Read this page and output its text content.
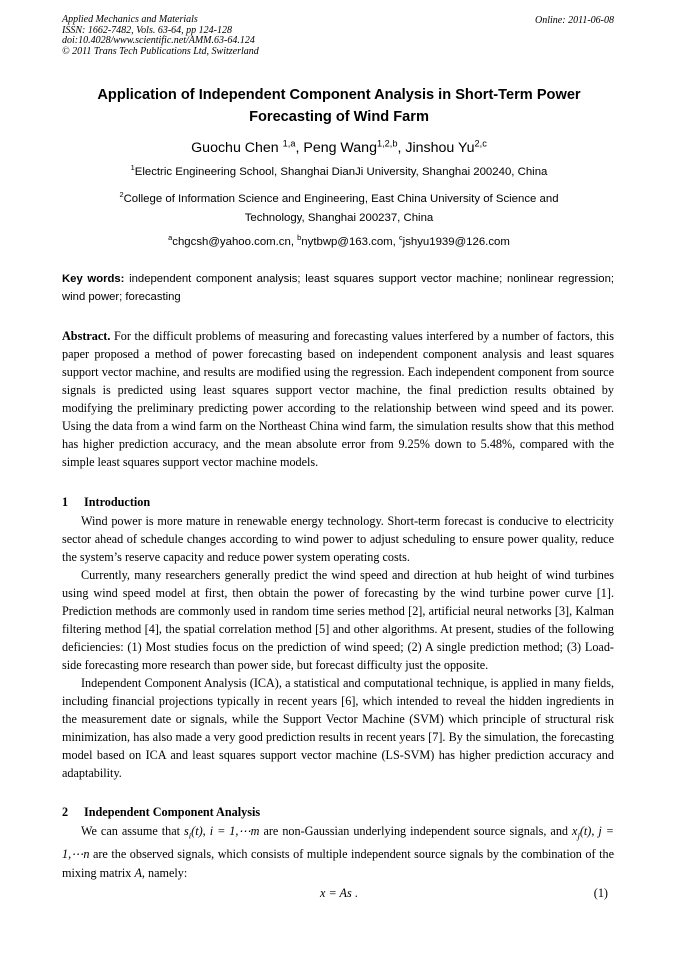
Applied Mechanics and Materials
ISSN: 1662-7482, Vols. 63-64, pp 124-128
doi:10.4028/www.scientific.net/AMM.63-64.124
© 2011 Trans Tech Publications Ltd, Switzerland
Online: 2011-06-08
Application of Independent Component Analysis in Short-Term Power
Forecasting of Wind Farm
Guochu Chen $^{1,a}$, Peng Wang$^{1,2,b}$, Jinshou Yu$^{2,c}$
$^1$Electric Engineering School, Shanghai DianJi University, Shanghai 200240, China
$^2$College of Information Science and Engineering, East China University of Science and
Technology, Shanghai 200237, China
$^a$chgcsh@yahoo.com.cn, $^b$nytbwp@163.com, $^c$jshyu1939@126.com
Key words: independent component analysis; least squares support vector machine; nonlinear regression; wind power; forecasting

Abstract. For the difficult problems of measuring and forecasting values interfered by a number of factors, this paper proposed a method of power forecasting based on independent component analysis and least squares support vector machine, and results are modified using the regression. Each independent component from source signals is predicted using least squares support vector machine, the final prediction results obtained by modifying the preliminary predicting power according to the relationship between wind speed and its power. Using the data from a wind farm on the Northeast China wind farm, the simulation results show that this method has higher prediction accuracy, and the mean absolute error from 9.25% down to 5.48%, compared with the simple least squares support vector machine models.

1 Introduction

Wind power is more mature in renewable energy technology. Short-term forecast is conducive to electricity sector ahead of schedule changes according to wind power to adjust scheduling to ensure power quality, reduce the system’s reserve capacity and reduce power system operating costs.

Currently, many researchers generally predict the wind speed and direction at hub height of wind turbines using wind speed model at first, then obtain the power of forecasting by the wind turbine power curve [1]. Prediction methods are commonly used in random time series method [2], artificial neural networks [3], Kalman filtering method [4], the spatial correlation method [5] and other algorithms. At present, studies of the following deficiencies: (1) Most studies focus on the prediction of wind speed; (2) A single prediction method; (3) Load-side forecasting more research than power side, but forecast difficulty just the opposite.

Independent Component Analysis (ICA), a statistical and computational technique, is applied in many fields, including financial projections typically in recent years [6], which intended to reveal the hidden ingredients in the measurement date or signals, while the Support Vector Machine (SVM) which principle of structural risk minimization, has also made a very good prediction results in recent years [7]. By the simulation, the forecasting model based on ICA and least squares support vector machine (LS-SVM) has higher prediction accuracy and adaptability.

2 Independent Component Analysis

We can assume that $s_i(t)$, i = 1,⋯m are non-Gaussian underlying independent source signals, and $x_j(t)$, j = 1,⋯n are the observed signals, which consists of multiple independent source signals by the combination of the mixing matrix A, namely:

x = As .	(1)
